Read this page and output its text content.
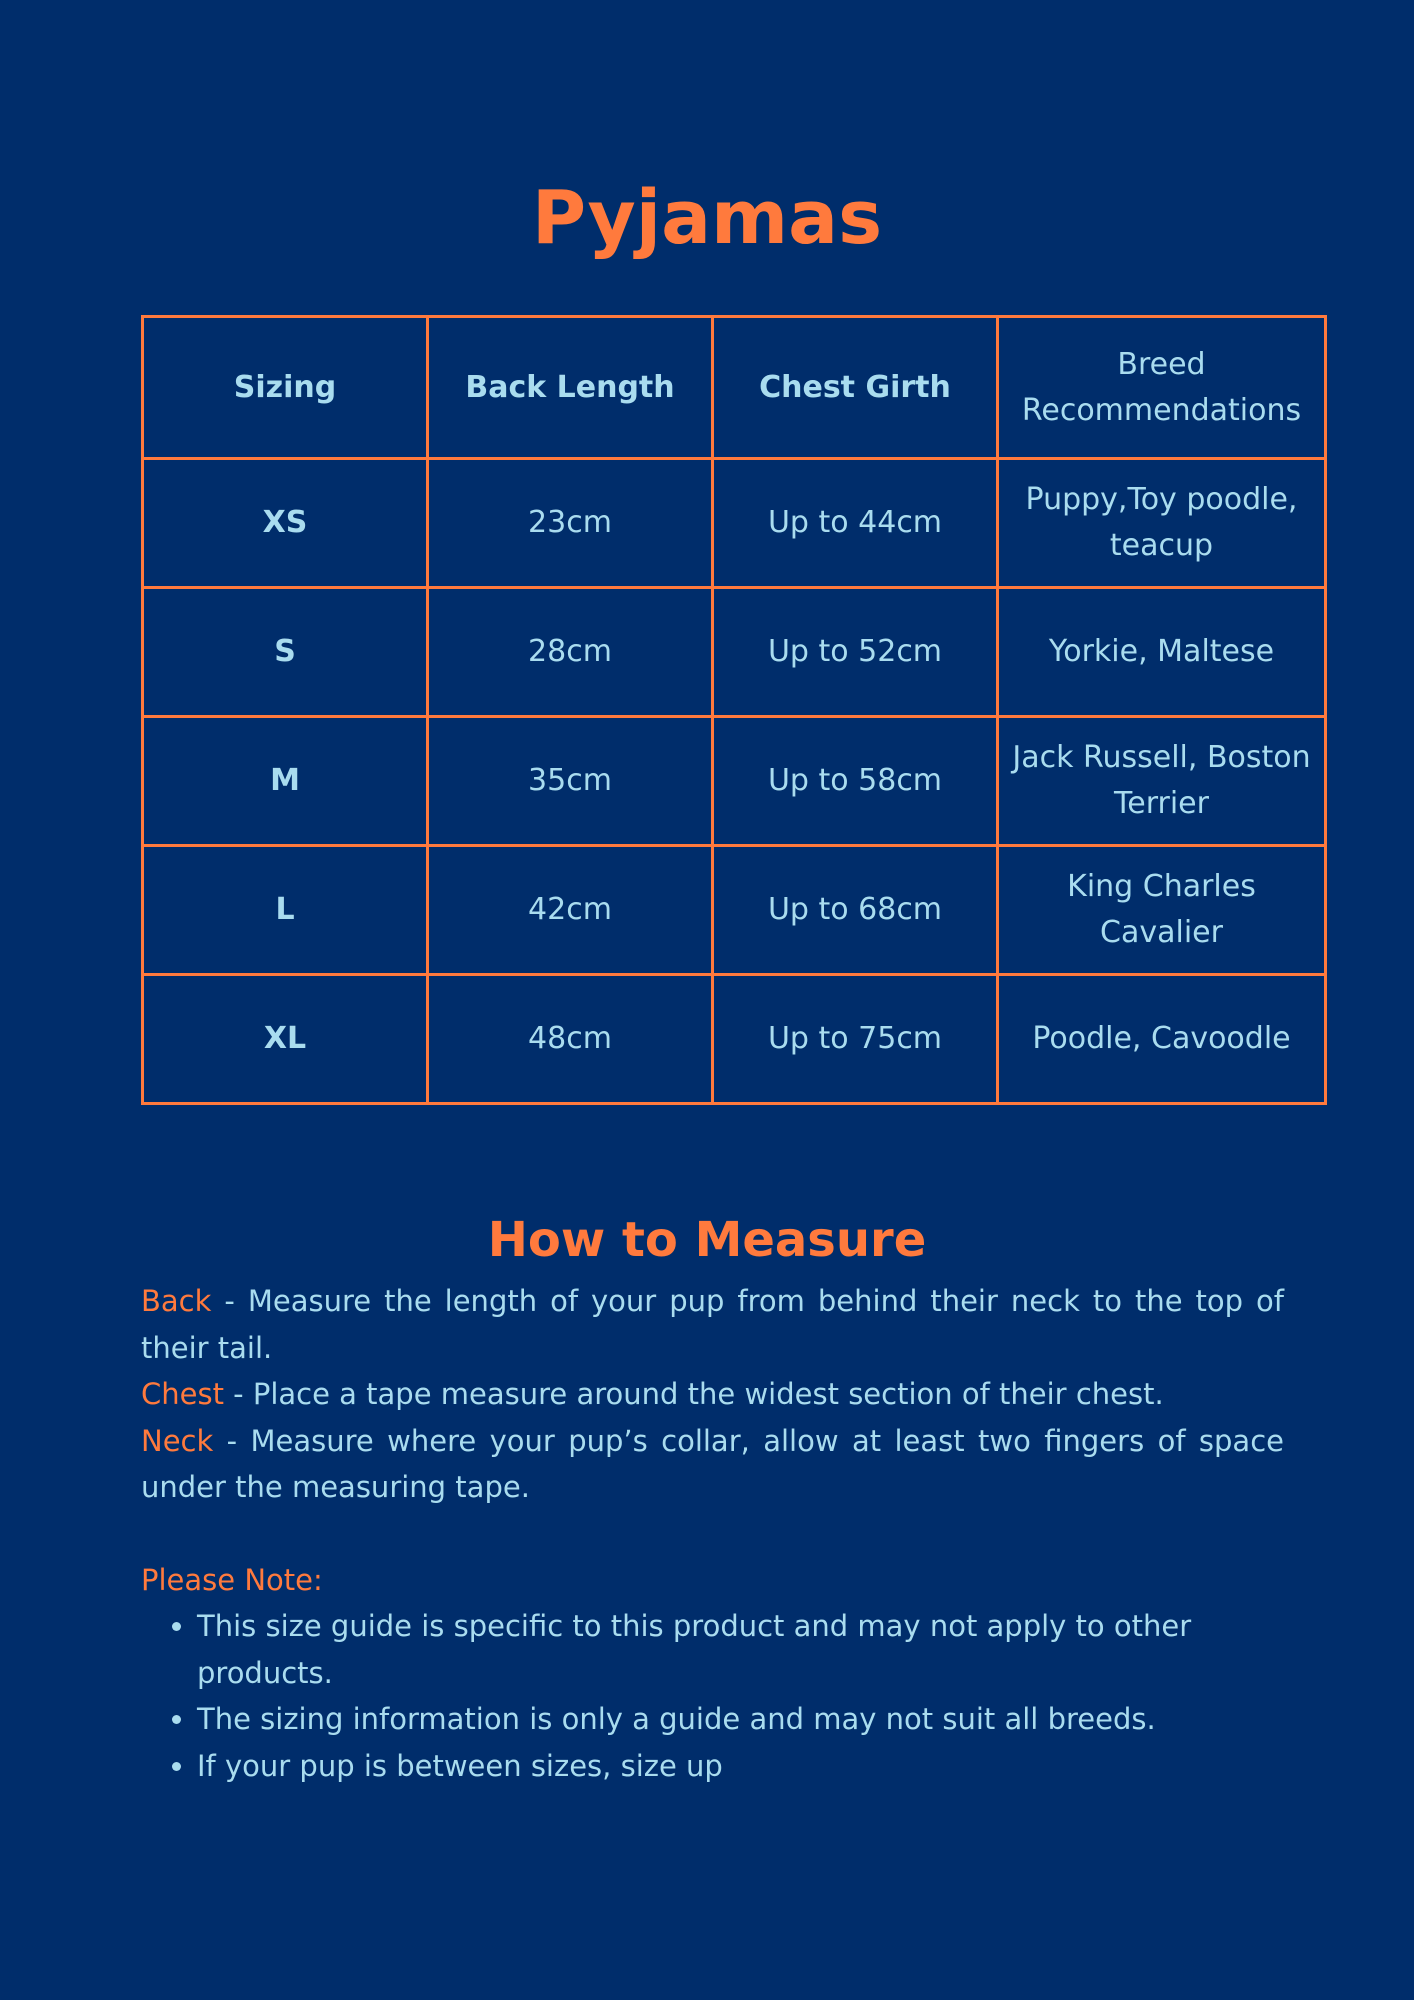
Pyjamas
Sizing	Back Length	Chest Girth	Breed Recommendations
XS	23cm	Up to 44cm	Puppy,Toy poodle, teacup
S	28cm	Up to 52cm	Yorkie, Maltese
M	35cm	Up to 58cm	Jack Russell, Boston Terrier
L	42cm	Up to 68cm	King Charles Cavalier
XL	48cm	Up to 75cm	Poodle, Cavoodle
How to Measure

Back - Measure the length of your pup from behind their neck to the top of their tail.

Chest - Place a tape measure around the widest section of their chest.

Neck - Measure where your pup’s collar, allow at least two fingers of space under the measuring tape.

Please Note:

• This size guide is specific to this product and may not apply to other products.
• The sizing information is only a guide and may not suit all breeds.
• If your pup is between sizes, size up
